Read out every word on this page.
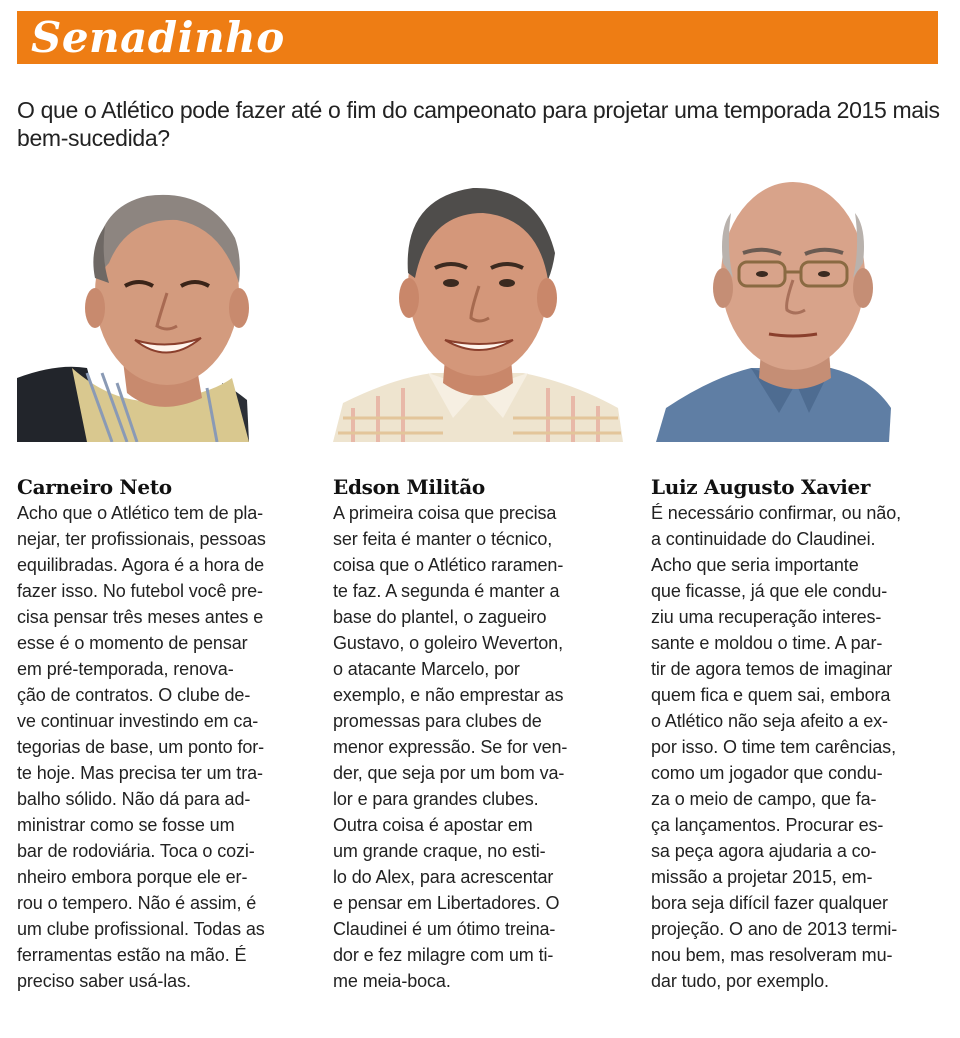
Senadinho
O que o Atlético pode fazer até o fim do campeonato para projetar uma temporada 2015 mais bem-sucedida?
Carneiro Neto
Acho que o Atlético tem de pla-
nejar, ter profissionais, pessoas
equilibradas. Agora é a hora de
fazer isso. No futebol você pre-
cisa pensar três meses antes e
esse é o momento de pensar
em pré-temporada, renova-
ção de contratos. O clube de-
ve continuar investindo em ca-
tegorias de base, um ponto for-
te hoje. Mas precisa ter um tra-
balho sólido. Não dá para ad-
ministrar como se fosse um
bar de rodoviária. Toca o cozi-
nheiro embora porque ele er-
rou o tempero. Não é assim, é
um clube profissional. Todas as
ferramentas estão na mão. É
preciso saber usá-las.
Edson Militão
A primeira coisa que precisa
ser feita é manter o técnico,
coisa que o Atlético raramen-
te faz. A segunda é manter a
base do plantel, o zagueiro
Gustavo, o goleiro Weverton,
o atacante Marcelo, por
exemplo, e não emprestar as
promessas para clubes de
menor expressão. Se for ven-
der, que seja por um bom va-
lor e para grandes clubes.
Outra coisa é apostar em
um grande craque, no esti-
lo do Alex, para acrescentar
e pensar em Libertadores. O
Claudinei é um ótimo treina-
dor e fez milagre com um ti-
me meia-boca.
Luiz Augusto Xavier
É necessário confirmar, ou não,
a continuidade do Claudinei.
Acho que seria importante
que ficasse, já que ele condu-
ziu uma recuperação interes-
sante e moldou o time. A par-
tir de agora temos de imaginar
quem fica e quem sai, embora
o Atlético não seja afeito a ex-
por isso. O time tem carências,
como um jogador que condu-
za o meio de campo, que fa-
ça lançamentos. Procurar es-
sa peça agora ajudaria a co-
missão a projetar 2015, em-
bora seja difícil fazer qualquer
projeção. O ano de 2013 termi-
nou bem, mas resolveram mu-
dar tudo, por exemplo.
